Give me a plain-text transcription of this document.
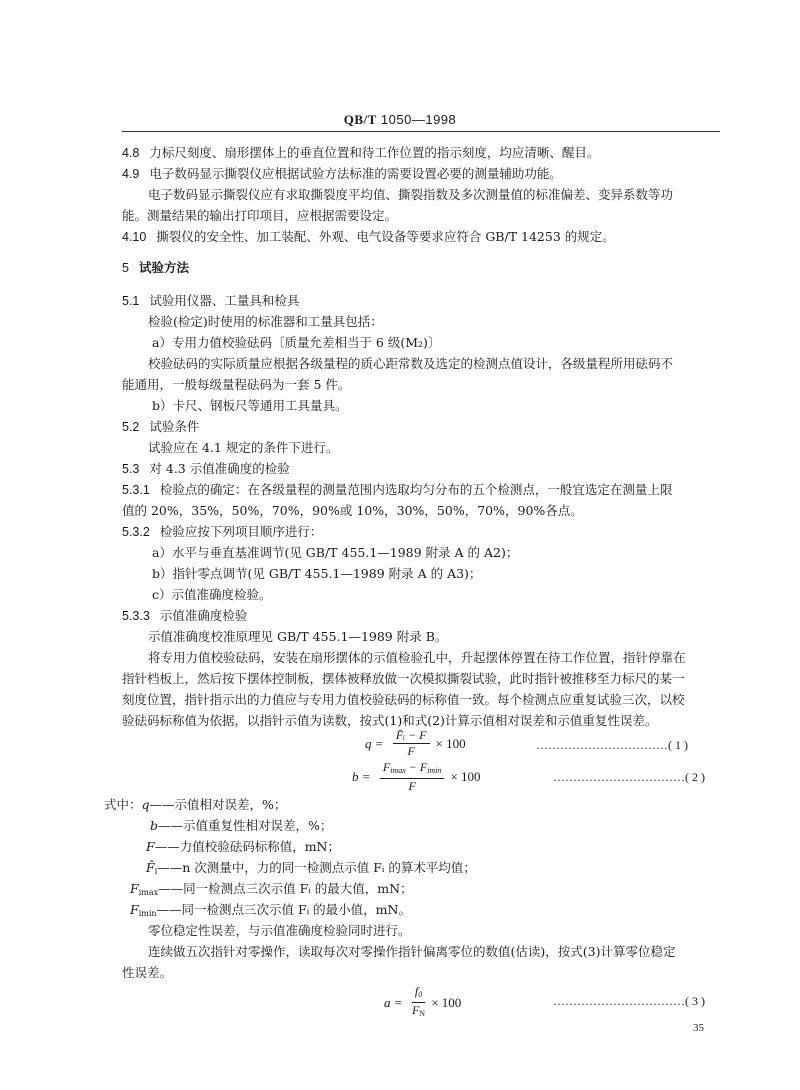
QB/T 1050—1998
4.8 力标尺刻度、扇形摆体上的垂直位置和待工作位置的指示刻度，均应清晰、醒目。
4.9 电子数码显示撕裂仪应根据试验方法标准的需要设置必要的测量辅助功能。
电子数码显示撕裂仪应有求取撕裂度平均值、撕裂指数及多次测量值的标准偏差、变异系数等功
能。测量结果的输出打印项目，应根据需要设定。
4.10 撕裂仪的安全性、加工装配、外观、电气设备等要求应符合 GB/T 14253 的规定。
5 试验方法
5.1 试验用仪器、工量具和检具
检验(检定)时使用的标准器和工量具包括：
a）专用力值校验砝码〔质量允差相当于 6 级(M₂)〕
校验砝码的实际质量应根据各级量程的质心距常数及选定的检测点值设计，各级量程所用砝码不
能通用，一般每级量程砝码为一套 5 件。
b）卡尺、钢板尺等通用工具量具。
5.2 试验条件
试验应在 4.1 规定的条件下进行。
5.3 对 4.3 示值准确度的检验
5.3.1 检验点的确定：在各级量程的测量范围内选取均匀分布的五个检测点，一般宜选定在测量上限
值的 20%，35%，50%，70%，90%或 10%，30%，50%，70%，90%各点。
5.3.2 检验应按下列项目顺序进行：
a）水平与垂直基准调节(见 GB/T 455.1—1989 附录 A 的 A2)；
b）指针零点调节(见 GB/T 455.1—1989 附录 A 的 A3)；
c）示值准确度检验。
5.3.3 示值准确度检验
示值准确度校准原理见 GB/T 455.1—1989 附录 B。
将专用力值校验砝码，安装在扇形摆体的示值检验孔中，升起摆体停置在待工作位置，指针停靠在
指针档板上，然后按下摆体控制板，摆体被释放做一次模拟撕裂试验，此时指针被推移至力标尺的某一
刻度位置，指针指示出的力值应与专用力值校验砝码的标称值一致。每个检测点应重复试验三次，以校
验砝码标称值为依据，以指针示值为读数，按式(1)和式(2)计算示值相对误差和示值重复性误差。
$q = \frac{\text{F̄ᵢ − F}}{F} \times 100$	……………………………( 1 )
$b = \frac{F_{imax} - F_{imin}}{F} \times 100$	……………………………( 2 )
式中：q——示值相对误差，%；
b——示值重复性相对误差，%；
F——力值校验砝码标称值，mN；
$F̄_i——n$ 次测量中，力的同一检测点示值 Fᵢ 的算术平均值；
$F_{imax}——$同一检测点三次示值 Fᵢ 的最大值，mN；
$F_{imin}——$同一检测点三次示值 Fᵢ 的最小值，mN。
零位稳定性误差，与示值准确度检验同时进行。
连续做五次指针对零操作，读取每次对零操作指针偏离零位的数值(估读)，按式(3)计算零位稳定
性误差。
$a = \frac{f_0}{F_N} \times 100$	……………………………( 3 )
35
